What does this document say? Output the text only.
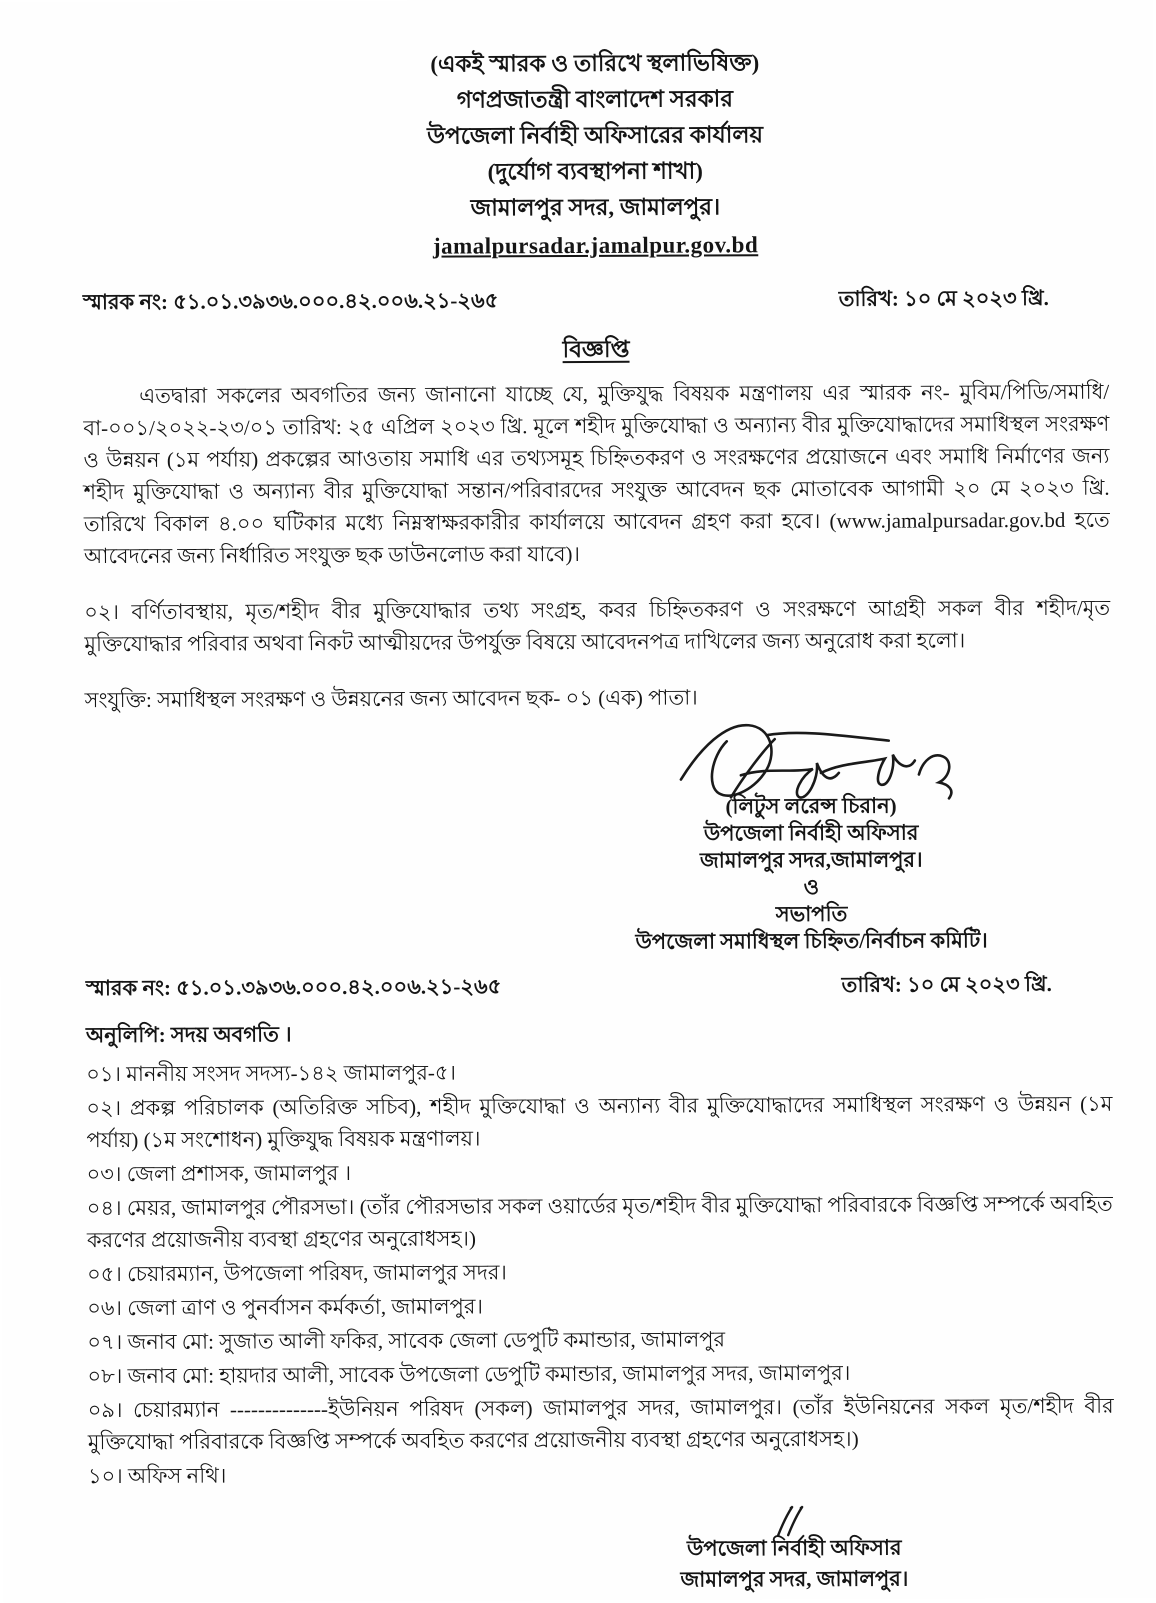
(একই স্মারক ও তারিখে স্থলাভিষিক্ত)
গণপ্রজাতন্ত্রী বাংলাদেশ সরকার
উপজেলা নির্বাহী অফিসারের কার্যালয়
(দুর্যোগ ব্যবস্থাপনা শাখা)
জামালপুর সদর, জামালপুর।
jamalpursadar.jamalpur.gov.bd
স্মারক নং: ৫১.০১.৩৯৩৬.০০০.৪২.০০৬.২১-২৬৫	তারিখ: ১০ মে ২০২৩ খ্রি.
বিজ্ঞপ্তি
এতদ্বারা সকলের অবগতির জন্য জানানো যাচ্ছে যে, মুক্তিযুদ্ধ বিষয়ক মন্ত্রণালয় এর স্মারক নং- মুবিম/পিডি/সমাধি/বা-০০১/২০২২-২৩/০১ তারিখ: ২৫ এপ্রিল ২০২৩ খ্রি. মূলে শহীদ মুক্তিযোদ্ধা ও অন্যান্য বীর মুক্তিযোদ্ধাদের সমাধিস্থল সংরক্ষণ ও উন্নয়ন (১ম পর্যায়) প্রকল্পের আওতায় সমাধি এর তথ্যসমূহ চিহ্নিতকরণ ও সংরক্ষণের প্রয়োজনে এবং সমাধি নির্মাণের জন্য শহীদ মুক্তিযোদ্ধা ও অন্যান্য বীর মুক্তিযোদ্ধা সন্তান/পরিবারদের সংযুক্ত আবেদন ছক মোতাবেক আগামী ২০ মে ২০২৩ খ্রি. তারিখে বিকাল ৪.০০ ঘটিকার মধ্যে নিম্নস্বাক্ষরকারীর কার্যালয়ে আবেদন গ্রহণ করা হবে। (www.jamalpursadar.gov.bd হতে আবেদনের জন্য নির্ধারিত সংযুক্ত ছক ডাউনলোড করা যাবে)।
০২। বর্ণিতাবস্থায়, মৃত/শহীদ বীর মুক্তিযোদ্ধার তথ্য সংগ্রহ, কবর চিহ্নিতকরণ ও সংরক্ষণে আগ্রহী সকল বীর শহীদ/মৃত মুক্তিযোদ্ধার পরিবার অথবা নিকট আত্মীয়দের উপর্যুক্ত বিষয়ে আবেদনপত্র দাখিলের জন্য অনুরোধ করা হলো।
সংযুক্তি: সমাধিস্থল সংরক্ষণ ও উন্নয়নের জন্য আবেদন ছক- ০১ (এক) পাতা।
(লিটুস লরেন্স চিরান)
উপজেলা নির্বাহী অফিসার
জামালপুর সদর,জামালপুর।
ও
সভাপতি
উপজেলা সমাধিস্থল চিহ্নিত/নির্বাচন কমিটি।
স্মারক নং: ৫১.০১.৩৯৩৬.০০০.৪২.০০৬.২১-২৬৫	তারিখ: ১০ মে ২০২৩ খ্রি.
অনুলিপি: সদয় অবগতি ।
০১। মাননীয় সংসদ সদস্য-১৪২ জামালপুর-৫।
০২। প্রকল্প পরিচালক (অতিরিক্ত সচিব), শহীদ মুক্তিযোদ্ধা ও অন্যান্য বীর মুক্তিযোদ্ধাদের সমাধিস্থল সংরক্ষণ ও উন্নয়ন (১ম পর্যায়) (১ম সংশোধন) মুক্তিযুদ্ধ বিষয়ক মন্ত্রণালয়।
০৩। জেলা প্রশাসক, জামালপুর ।
০৪। মেয়র, জামালপুর পৌরসভা। (তাঁর পৌরসভার সকল ওয়ার্ডের মৃত/শহীদ বীর মুক্তিযোদ্ধা পরিবারকে বিজ্ঞপ্তি সম্পর্কে অবহিত করণের প্রয়োজনীয় ব্যবস্থা গ্রহণের অনুরোধসহ।)
০৫। চেয়ারম্যান, উপজেলা পরিষদ, জামালপুর সদর।
০৬। জেলা ত্রাণ ও পুনর্বাসন কর্মকর্তা, জামালপুর।
০৭। জনাব মো: সুজাত আলী ফকির, সাবেক জেলা ডেপুটি কমান্ডার, জামালপুর
০৮। জনাব মো: হায়দার আলী, সাবেক উপজেলা ডেপুটি কমান্ডার, জামালপুর সদর, জামালপুর।
০৯। চেয়ারম্যান --------------ইউনিয়ন পরিষদ (সকল) জামালপুর সদর, জামালপুর। (তাঁর ইউনিয়নের সকল মৃত/শহীদ বীর মুক্তিযোদ্ধা পরিবারকে বিজ্ঞপ্তি সম্পর্কে অবহিত করণের প্রয়োজনীয় ব্যবস্থা গ্রহণের অনুরোধসহ।)
১০। অফিস নথি।
উপজেলা নির্বাহী অফিসার
জামালপুর সদর, জামালপুর।
